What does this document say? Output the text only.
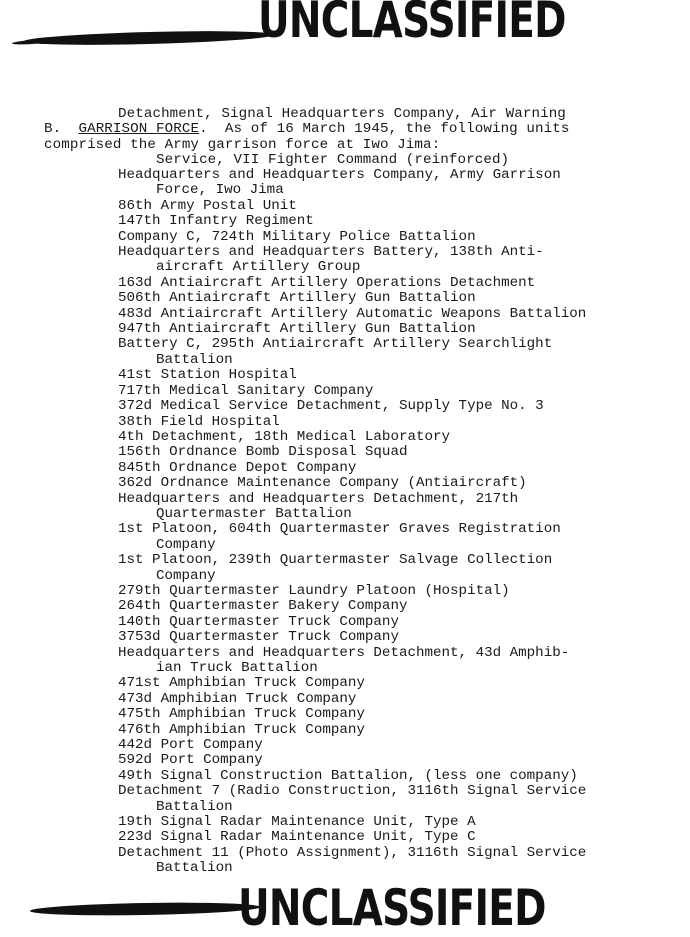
UNCLASSIFIED

Detachment, Signal Headquarters Company, Air Warning

Service, VII Fighter Command (reinforced)

B. GARRISON FORCE.  As of 16 March 1945, the following units
comprised the Army garrison force at Iwo Jima:
Headquarters and Headquarters Company, Army Garrison
Force, Iwo Jima
86th Army Postal Unit
147th Infantry Regiment
Company C, 724th Military Police Battalion
Headquarters and Headquarters Battery, 138th Anti-
aircraft Artillery Group
163d Antiaircraft Artillery Operations Detachment
506th Antiaircraft Artillery Gun Battalion
483d Antiaircraft Artillery Automatic Weapons Battalion
947th Antiaircraft Artillery Gun Battalion
Battery C, 295th Antiaircraft Artillery Searchlight
Battalion
41st Station Hospital
717th Medical Sanitary Company
372d Medical Service Detachment, Supply Type No. 3
38th Field Hospital
4th Detachment, 18th Medical Laboratory
156th Ordnance Bomb Disposal Squad
845th Ordnance Depot Company
362d Ordnance Maintenance Company (Antiaircraft)
Headquarters and Headquarters Detachment, 217th
Quartermaster Battalion
1st Platoon, 604th Quartermaster Graves Registration
Company
1st Platoon, 239th Quartermaster Salvage Collection
Company
279th Quartermaster Laundry Platoon (Hospital)
264th Quartermaster Bakery Company
140th Quartermaster Truck Company
3753d Quartermaster Truck Company
Headquarters and Headquarters Detachment, 43d Amphib-
ian Truck Battalion
471st Amphibian Truck Company
473d Amphibian Truck Company
475th Amphibian Truck Company
476th Amphibian Truck Company
442d Port Company
592d Port Company
49th Signal Construction Battalion, (less one company)
Detachment 7 (Radio Construction, 3116th Signal Service
Battalion
19th Signal Radar Maintenance Unit, Type A
223d Signal Radar Maintenance Unit, Type C
Detachment 11 (Photo Assignment), 3116th Signal Service
Battalion
UNCLASSIFIED
